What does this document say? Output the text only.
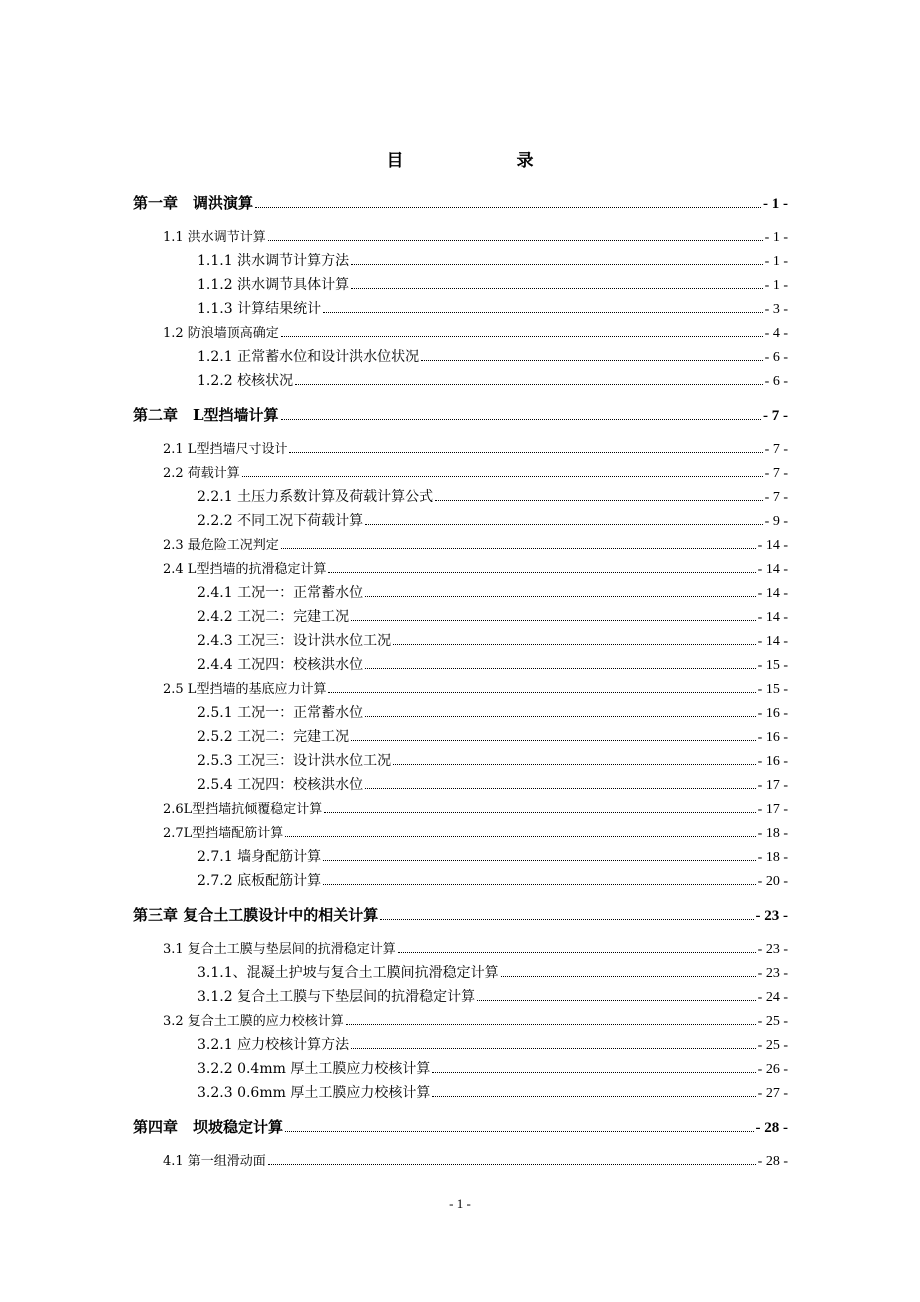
目　录
第一章　调洪演算	- 1 -
1.1 洪水调节计算	- 1 -
1.1.1 洪水调节计算方法	- 1 -
1.1.2 洪水调节具体计算	- 1 -
1.1.3 计算结果统计	- 3 -
1.2 防浪墙顶高确定	- 4 -
1.2.1 正常蓄水位和设计洪水位状况	- 6 -
1.2.2 校核状况	- 6 -
第二章　L型挡墙计算	- 7 -
2.1 L型挡墙尺寸设计	- 7 -
2.2 荷载计算	- 7 -
2.2.1 土压力系数计算及荷载计算公式	- 7 -
2.2.2 不同工况下荷载计算	- 9 -
2.3 最危险工况判定	- 14 -
2.4 L型挡墙的抗滑稳定计算	- 14 -
2.4.1 工况一：正常蓄水位	- 14 -
2.4.2 工况二：完建工况	- 14 -
2.4.3 工况三：设计洪水位工况	- 14 -
2.4.4 工况四：校核洪水位	- 15 -
2.5 L型挡墙的基底应力计算	- 15 -
2.5.1 工况一：正常蓄水位	- 16 -
2.5.2 工况二：完建工况	- 16 -
2.5.3 工况三：设计洪水位工况	- 16 -
2.5.4 工况四：校核洪水位	- 17 -
2.6L型挡墙抗倾覆稳定计算	- 17 -
2.7L型挡墙配筋计算	- 18 -
2.7.1 墙身配筋计算	- 18 -
2.7.2 底板配筋计算	- 20 -
第三章 复合土工膜设计中的相关计算	- 23 -
3.1 复合土工膜与垫层间的抗滑稳定计算	- 23 -
3.1.1、混凝土护坡与复合土工膜间抗滑稳定计算	- 23 -
3.1.2 复合土工膜与下垫层间的抗滑稳定计算	- 24 -
3.2 复合土工膜的应力校核计算	- 25 -
3.2.1 应力校核计算方法	- 25 -
3.2.2 0.4mm 厚土工膜应力校核计算	- 26 -
3.2.3 0.6mm 厚土工膜应力校核计算	- 27 -
第四章　坝坡稳定计算	- 28 -
4.1 第一组滑动面	- 28 -
- 1 -
